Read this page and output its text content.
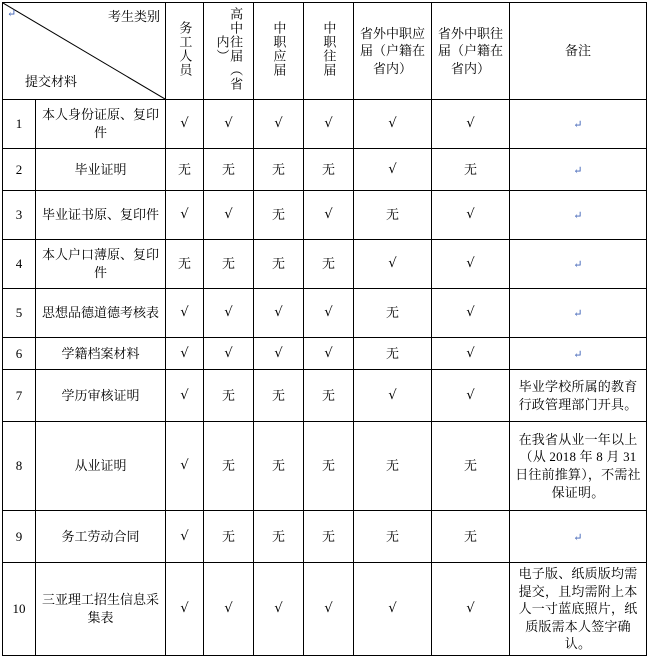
↵ 考生类别
提交材料		务工人员	高中往届（省内）	中职应届	中职往届	省外中职应届（户籍在省内）	省外中职往届（户籍在省内）	备注
1	本人身份证原、复印件	√	√	√	√	√	√	↵
2	毕业证明	无	无	无	无	√	无	↵
3	毕业证书原、复印件	√	√	无	√	无	√	↵
4	本人户口薄原、复印件	无	无	无	无	√	√	↵
5	思想品德道德考核表	√	√	√	√	无	√	↵
6	学籍档案材料	√	√	√	√	无	√	↵
7	学历审核证明	√	无	无	无	√	√	毕业学校所属的教育行政管理部门开具。
8	从业证明	√	无	无	无	无	无	在我省从业一年以上（从 2018 年 8 月 31 日往前推算），不需社保证明。
9	务工劳动合同	√	无	无	无	无	无	↵
10	三亚理工招生信息采集表	√	√	√	√	√	√	电子版、纸质版均需提交，且均需附上本人一寸蓝底照片，纸质版需本人签字确认。
